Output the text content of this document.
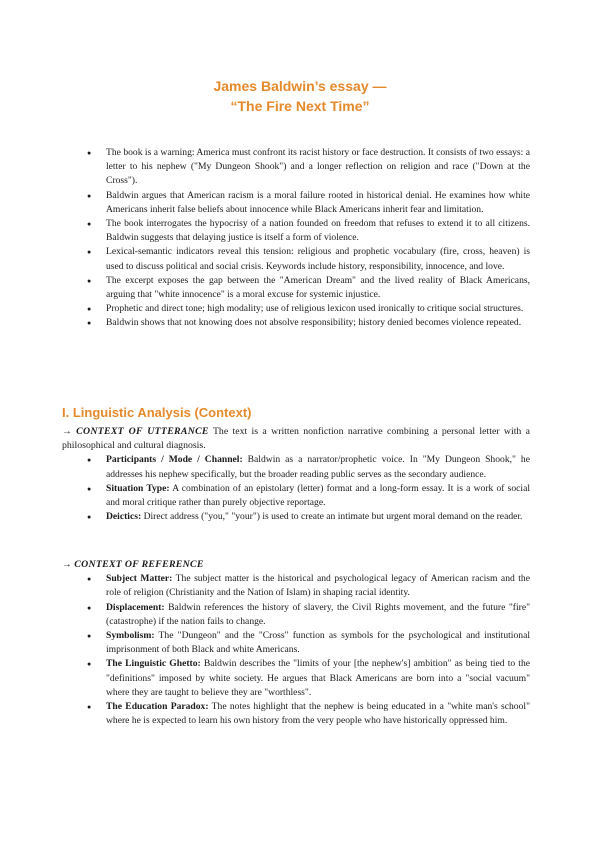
James Baldwin’s essay —
“The Fire Next Time”
● The book is a warning: America must confront its racist history or face destruction. It consists of two essays: a letter to his nephew ("My Dungeon Shook") and a longer reflection on religion and race ("Down at the Cross").
● Baldwin argues that American racism is a moral failure rooted in historical denial. He examines how white Americans inherit false beliefs about innocence while Black Americans inherit fear and limitation.
● The book interrogates the hypocrisy of a nation founded on freedom that refuses to extend it to all citizens. Baldwin suggests that delaying justice is itself a form of violence.
● Lexical-semantic indicators reveal this tension: religious and prophetic vocabulary (fire, cross, heaven) is used to discuss political and social crisis. Keywords include history, responsibility, innocence, and love.
● The excerpt exposes the gap between the "American Dream" and the lived reality of Black Americans, arguing that "white innocence" is a moral excuse for systemic injustice.
● Prophetic and direct tone; high modality; use of religious lexicon used ironically to critique social structures.
● Baldwin shows that not knowing does not absolve responsibility; history denied becomes violence repeated.
I. Linguistic Analysis (Context)

→ CONTEXT OF UTTERANCE The text is a written nonfiction narrative combining a personal letter with a philosophical and cultural diagnosis.

● Participants / Mode / Channel: Baldwin as a narrator/prophetic voice. In "My Dungeon Shook," he addresses his nephew specifically, but the broader reading public serves as the secondary audience.
● Situation Type: A combination of an epistolary (letter) format and a long-form essay. It is a work of social and moral critique rather than purely objective reportage.
● Deictics: Direct address ("you," "your") is used to create an intimate but urgent moral demand on the reader.

→ CONTEXT OF REFERENCE

● Subject Matter: The subject matter is the historical and psychological legacy of American racism and the role of religion (Christianity and the Nation of Islam) in shaping racial identity.
● Displacement: Baldwin references the history of slavery, the Civil Rights movement, and the future "fire" (catastrophe) if the nation fails to change.
● Symbolism: The "Dungeon" and the "Cross" function as symbols for the psychological and institutional imprisonment of both Black and white Americans.
● The Linguistic Ghetto: Baldwin describes the "limits of your [the nephew's] ambition" as being tied to the "definitions" imposed by white society. He argues that Black Americans are born into a "social vacuum" where they are taught to believe they are "worthless".
● The Education Paradox: The notes highlight that the nephew is being educated in a "white man's school" where he is expected to learn his own history from the very people who have historically oppressed him.
